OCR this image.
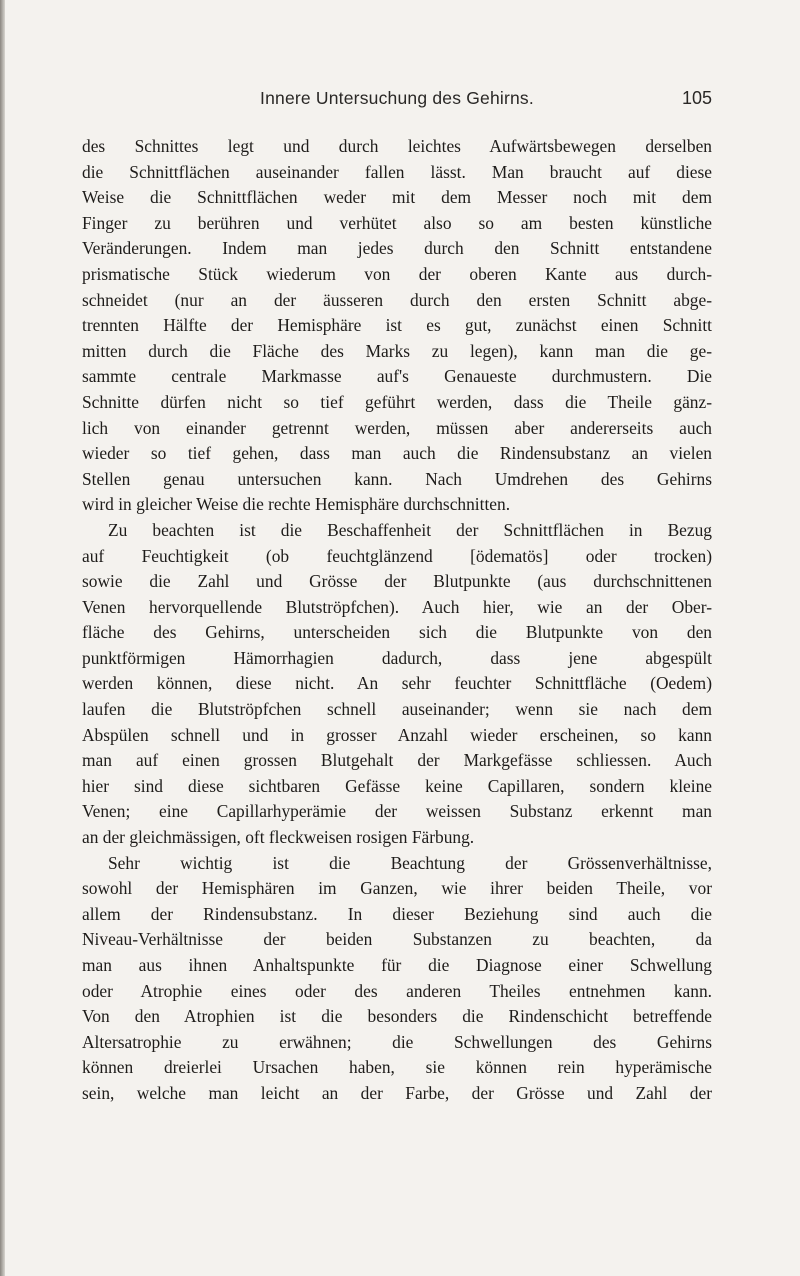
Innere Untersuchung des Gehirns.	105
des Schnittes legt und durch leichtes Aufwärtsbewegen derselben
die Schnittflächen auseinander fallen lässt. Man braucht auf diese
Weise die Schnittflächen weder mit dem Messer noch mit dem
Finger zu berühren und verhütet also so am besten künstliche
Veränderungen. Indem man jedes durch den Schnitt entstandene
prismatische Stück wiederum von der oberen Kante aus durch-
schneidet (nur an der äusseren durch den ersten Schnitt abge-
trennten Hälfte der Hemisphäre ist es gut, zunächst einen Schnitt
mitten durch die Fläche des Marks zu legen), kann man die ge-
sammte centrale Markmasse auf's Genaueste durchmustern. Die
Schnitte dürfen nicht so tief geführt werden, dass die Theile gänz-
lich von einander getrennt werden, müssen aber andererseits auch
wieder so tief gehen, dass man auch die Rindensubstanz an vielen
Stellen genau untersuchen kann. Nach Umdrehen des Gehirns
wird in gleicher Weise die rechte Hemisphäre durchschnitten.
Zu beachten ist die Beschaffenheit der Schnittflächen in Bezug
auf Feuchtigkeit (ob feuchtglänzend [ödematös] oder trocken)
sowie die Zahl und Grösse der Blutpunkte (aus durchschnittenen
Venen hervorquellende Blutströpfchen). Auch hier, wie an der Ober-
fläche des Gehirns, unterscheiden sich die Blutpunkte von den
punktförmigen Hämorrhagien dadurch, dass jene abgespült
werden können, diese nicht. An sehr feuchter Schnittfläche (Oedem)
laufen die Blutströpfchen schnell auseinander; wenn sie nach dem
Abspülen schnell und in grosser Anzahl wieder erscheinen, so kann
man auf einen grossen Blutgehalt der Markgefässe schliessen. Auch
hier sind diese sichtbaren Gefässe keine Capillaren, sondern kleine
Venen; eine Capillarhyperämie der weissen Substanz erkennt man
an der gleichmässigen, oft fleckweisen rosigen Färbung.
Sehr wichtig ist die Beachtung der Grössenverhältnisse,
sowohl der Hemisphären im Ganzen, wie ihrer beiden Theile, vor
allem der Rindensubstanz. In dieser Beziehung sind auch die
Niveau-Verhältnisse der beiden Substanzen zu beachten, da
man aus ihnen Anhaltspunkte für die Diagnose einer Schwellung
oder Atrophie eines oder des anderen Theiles entnehmen kann.
Von den Atrophien ist die besonders die Rindenschicht betreffende
Altersatrophie zu erwähnen; die Schwellungen des Gehirns
können dreierlei Ursachen haben, sie können rein hyperämische
sein, welche man leicht an der Farbe, der Grösse und Zahl der
